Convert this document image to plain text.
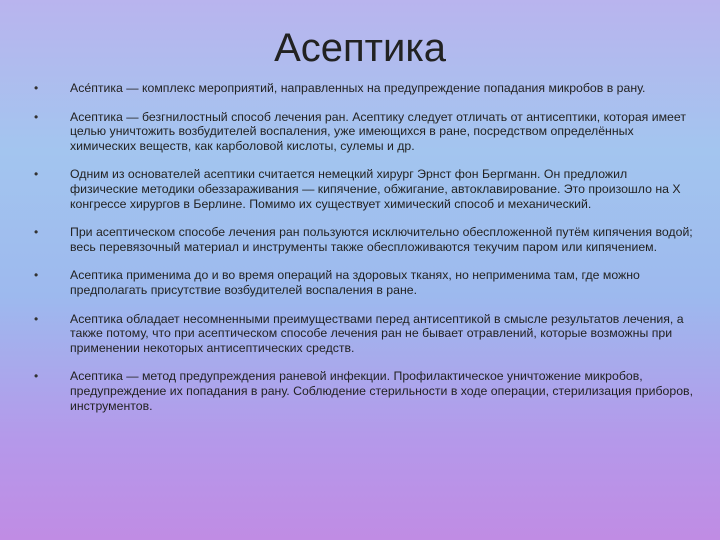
Асептика
•	Асе́птика — комплекс мероприятий, направленных на предупреждение попадания микробов в рану.
•	Асептика — безгнилостный способ лечения ран. Асептику следует отличать от антисептики, которая имеет целью уничтожить возбудителей воспаления, уже имеющихся в ране, посредством определённых химических веществ, как карболовой кислоты, сулемы и др.
•	Одним из основателей асептики считается немецкий хирург Эрнст фон Бергманн. Он предложил физические методики обеззараживания — кипячение, обжигание, автоклавирование. Это произошло на X конгрессе хирургов в Берлине. Помимо их существует химический способ и механический.
•	При асептическом способе лечения ран пользуются исключительно обеспложенной путём кипячения водой; весь перевязочный материал и инструменты также обеспложиваются текучим паром или кипячением.
•	Асептика применима до и во время операций на здоровых тканях, но неприменима там, где можно предполагать присутствие возбудителей воспаления в ране.
•	Асептика обладает несомненными преимуществами перед антисептикой в смысле результатов лечения, а также потому, что при асептическом способе лечения ран не бывает отравлений, которые возможны при применении некоторых антисептических средств.
•	Асептика — метод предупреждения раневой инфекции. Профилактическое уничтожение микробов, предупреждение их попадания в рану. Соблюдение стерильности в ходе операции, стерилизация приборов, инструментов.
